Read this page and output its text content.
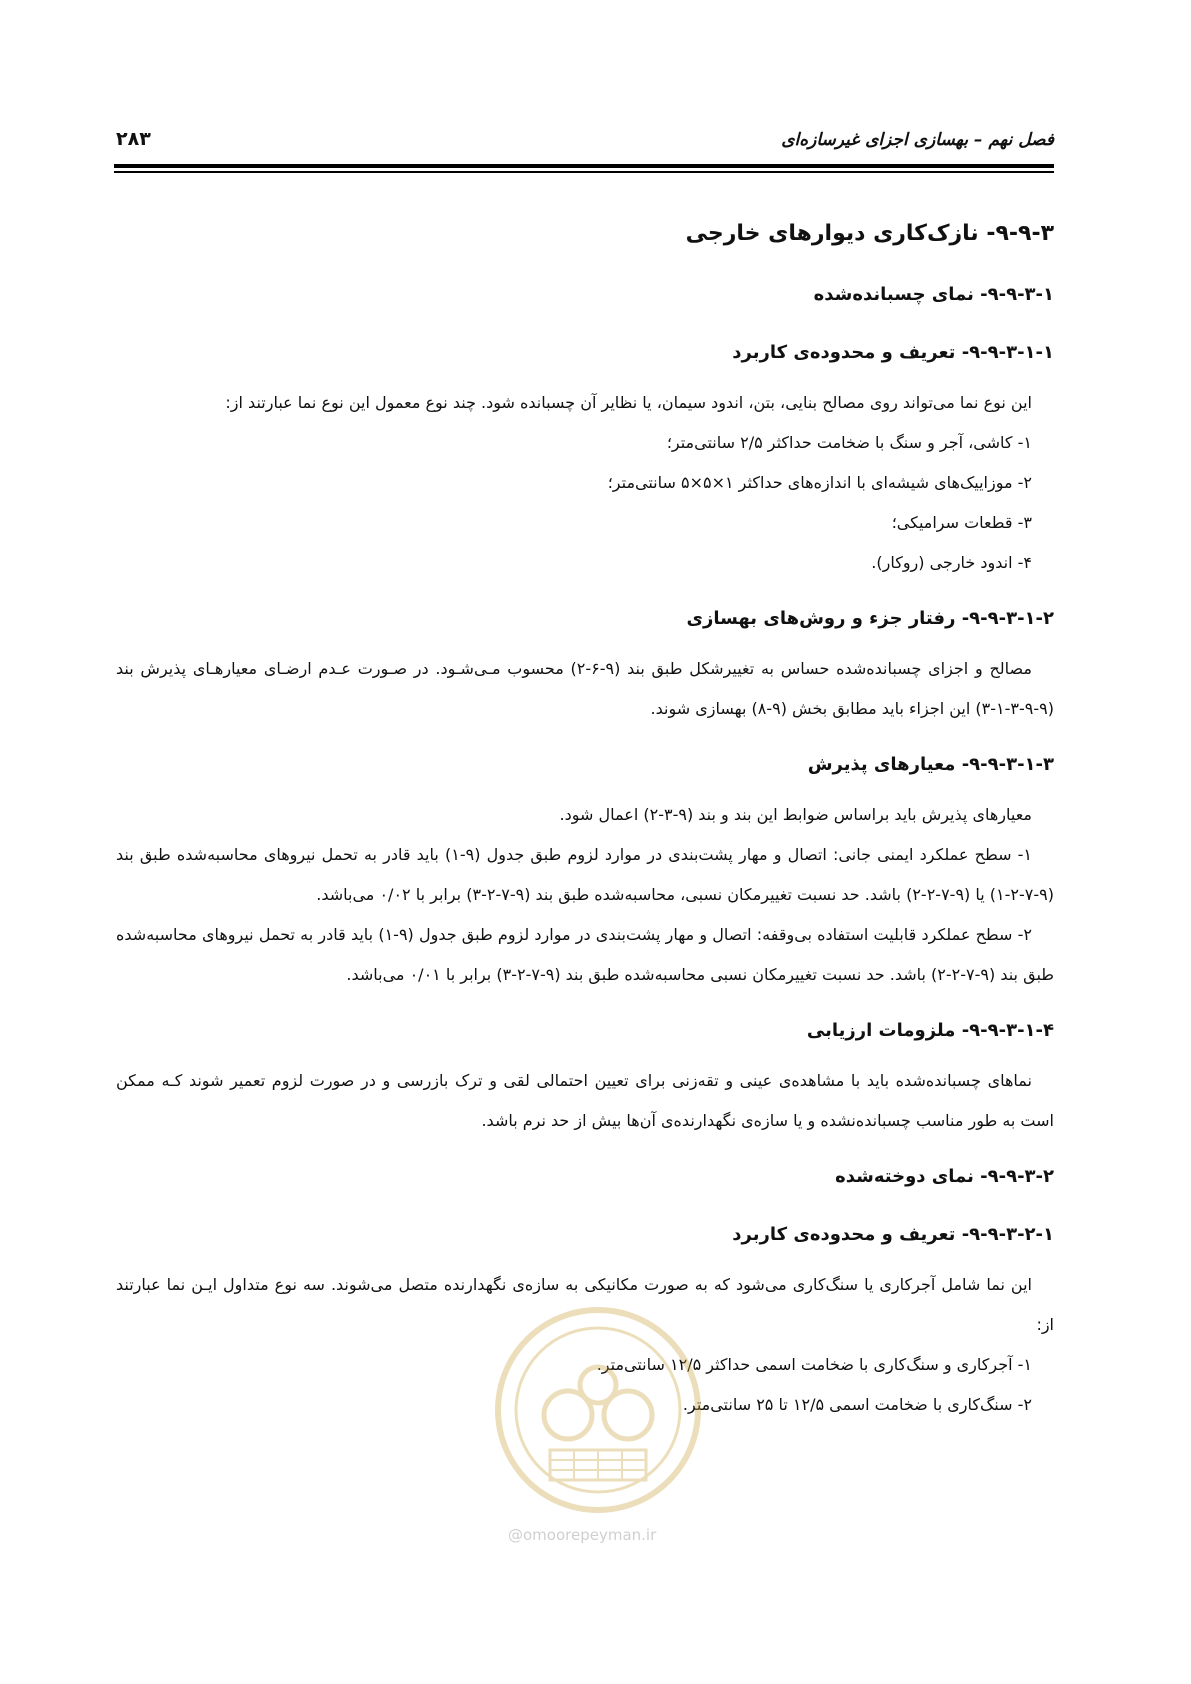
فصل نهم – بهسازی اجزای غیرسازه‌ای
۲۸۳
۹-۹-۳- نازک‌کاری دیوارهای خارجی
۹-۹-۳-۱- نمای چسبانده‌شده
۹-۹-۳-۱-۱- تعریف و محدوده‌ی کاربرد

این نوع نما می‌تواند روی مصالح بنایی، بتن، اندود سیمان، یا نظایر آن چسبانده شود. چند نوع معمول این نوع نما عبارتند از:

۱- کاشی، آجر و سنگ با ضخامت حداکثر ۲/۵ سانتی‌متر؛
۲- موزاییک‌های شیشه‌ای با اندازه‌های حداکثر ۱×۵×۵ سانتی‌متر؛
۳- قطعات سرامیکی؛
۴- اندود خارجی (روکار).
۹-۹-۳-۱-۲- رفتار جزء و روش‌های بهسازی

مصالح و اجزای چسبانده‌شده حساس به تغییرشکل طبق بند (۹-۶-۲) محسوب مـی‌شـود. در صـورت عـدم ارضـای معیارهـای پذیرش بند (۹-۹-۳-۱-۳) این اجزاء باید مطابق بخش (۹-۸) بهسازی شوند.

۹-۹-۳-۱-۳- معیارهای پذیرش

معیارهای پذیرش باید براساس ضوابط این بند و بند (۹-۳-۲) اعمال شود.

۱- سطح عملکرد ایمنی جانی: اتصال و مهار پشت‌بندی در موارد لزوم طبق جدول (۹-۱) باید قادر به تحمل نیروهای محاسبه‌شده طبق بند (۹-۷-۲-۱) یا (۹-۷-۲-۲) باشد. حد نسبت تغییرمکان نسبی، محاسبه‌شده طبق بند (۹-۷-۲-۳) برابر با ۰/۰۲ می‌باشد.

۲- سطح عملکرد قابلیت استفاده بی‌وقفه: اتصال و مهار پشت‌بندی در موارد لزوم طبق جدول (۹-۱) باید قادر به تحمل نیروهای محاسبه‌شده طبق بند (۹-۷-۲-۲) باشد. حد نسبت تغییرمکان نسبی محاسبه‌شده طبق بند (۹-۷-۲-۳) برابر با ۰/۰۱ می‌باشد.

۹-۹-۳-۱-۴- ملزومات ارزیابی

نماهای چسبانده‌شده باید با مشاهده‌ی عینی و تقه‌زنی برای تعیین احتمالی لقی و ترک بازرسی و در صورت لزوم تعمیر شوند کـه ممکن است به طور مناسب چسبانده‌نشده و یا سازه‌ی نگهدارنده‌ی آن‌ها بیش از حد نرم باشد.

۹-۹-۳-۲- نمای دوخته‌شده
۹-۹-۳-۲-۱- تعریف و محدوده‌ی کاربرد

این نما شامل آجرکاری یا سنگ‌کاری می‌شود که به صورت مکانیکی به سازه‌ی نگهدارنده متصل می‌شوند. سه نوع متداول ایـن نما عبارتند از:

۱- آجرکاری و سنگ‌کاری با ضخامت اسمی حداکثر ۱۲/۵ سانتی‌متر.
۲- سنگ‌کاری با ضخامت اسمی ۱۲/۵ تا ۲۵ سانتی‌متر.
@omoorepeyman.ir
